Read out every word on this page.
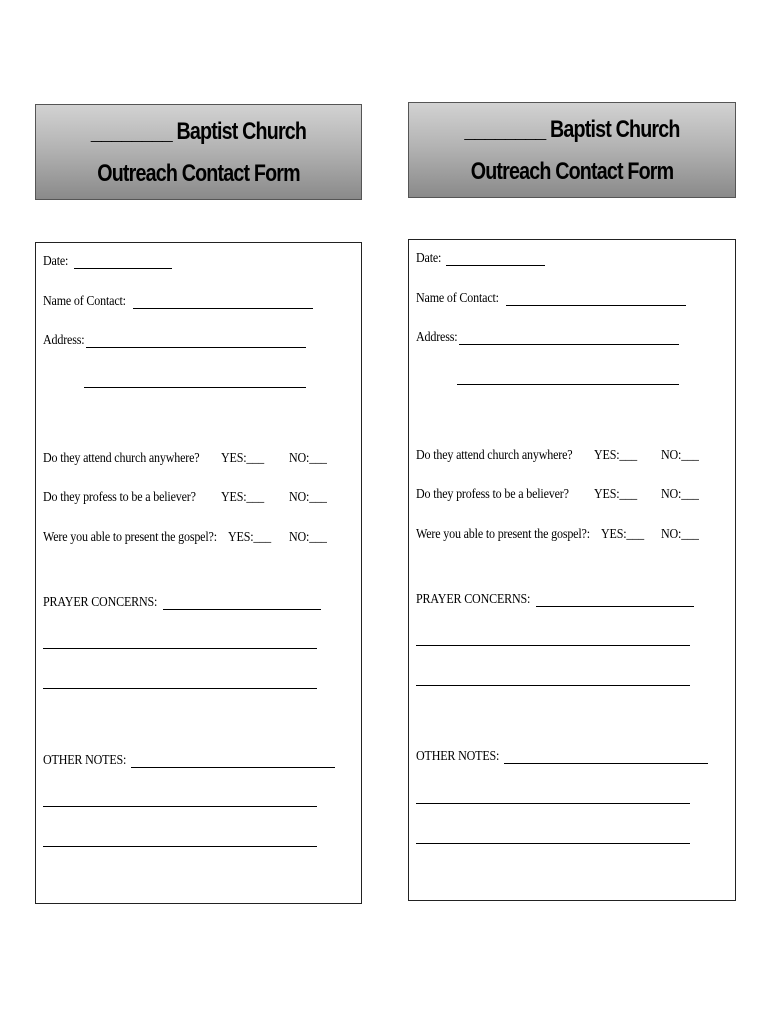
________ Baptist Church
Outreach Contact Form
Date:
Name of Contact:
Address:
Do they attend church anywhere? YES:___ NO:___
Do they profess to be a believer? YES:___ NO:___
Were you able to present the gospel?: YES:___ NO:___
PRAYER CONCERNS:
OTHER NOTES:
________ Baptist Church
Outreach Contact Form
Date:
Name of Contact:
Address:
Do they attend church anywhere? YES:___ NO:___
Do they profess to be a believer? YES:___ NO:___
Were you able to present the gospel?: YES:___ NO:___
PRAYER CONCERNS:
OTHER NOTES:
